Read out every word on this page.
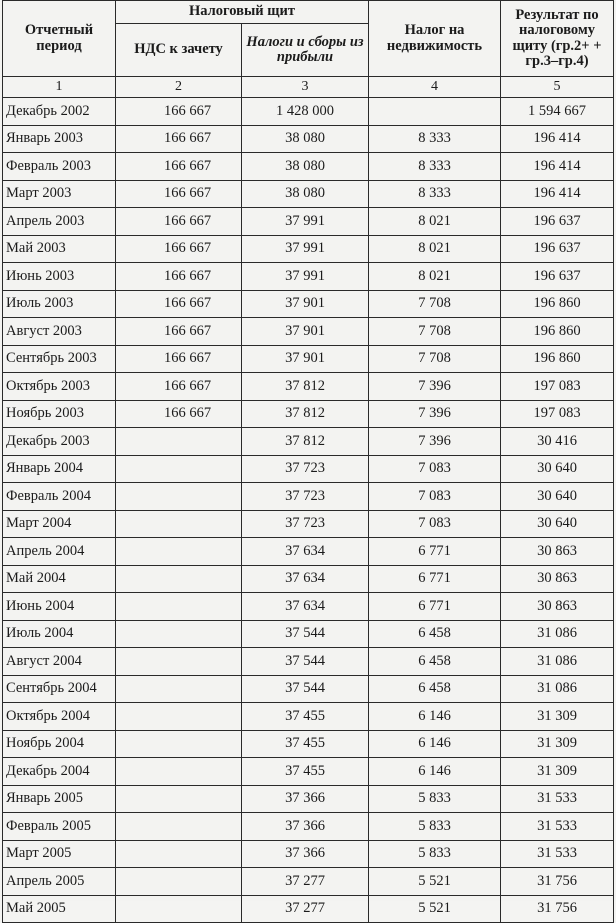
Отчетный период	Налоговый щит		Налог на недвижимость	Результат по налоговому щиту (гр.2+ + гр.3–гр.4)
	НДС к зачету	Налоги и сборы из прибыли		
1	2	3	4	5
Декабрь 2002	166 667	1 428 000		1 594 667
Январь 2003	166 667	38 080	8 333	196 414
Февраль 2003	166 667	38 080	8 333	196 414
Март 2003	166 667	38 080	8 333	196 414
Апрель 2003	166 667	37 991	8 021	196 637
Май 2003	166 667	37 991	8 021	196 637
Июнь 2003	166 667	37 991	8 021	196 637
Июль 2003	166 667	37 901	7 708	196 860
Август 2003	166 667	37 901	7 708	196 860
Сентябрь 2003	166 667	37 901	7 708	196 860
Октябрь 2003	166 667	37 812	7 396	197 083
Ноябрь 2003	166 667	37 812	7 396	197 083
Декабрь 2003		37 812	7 396	30 416
Январь 2004		37 723	7 083	30 640
Февраль 2004		37 723	7 083	30 640
Март 2004		37 723	7 083	30 640
Апрель 2004		37 634	6 771	30 863
Май 2004		37 634	6 771	30 863
Июнь 2004		37 634	6 771	30 863
Июль 2004		37 544	6 458	31 086
Август 2004		37 544	6 458	31 086
Сентябрь 2004		37 544	6 458	31 086
Октябрь 2004		37 455	6 146	31 309
Ноябрь 2004		37 455	6 146	31 309
Декабрь 2004		37 455	6 146	31 309
Январь 2005		37 366	5 833	31 533
Февраль 2005		37 366	5 833	31 533
Март 2005		37 366	5 833	31 533
Апрель 2005		37 277	5 521	31 756
Май 2005		37 277	5 521	31 756
